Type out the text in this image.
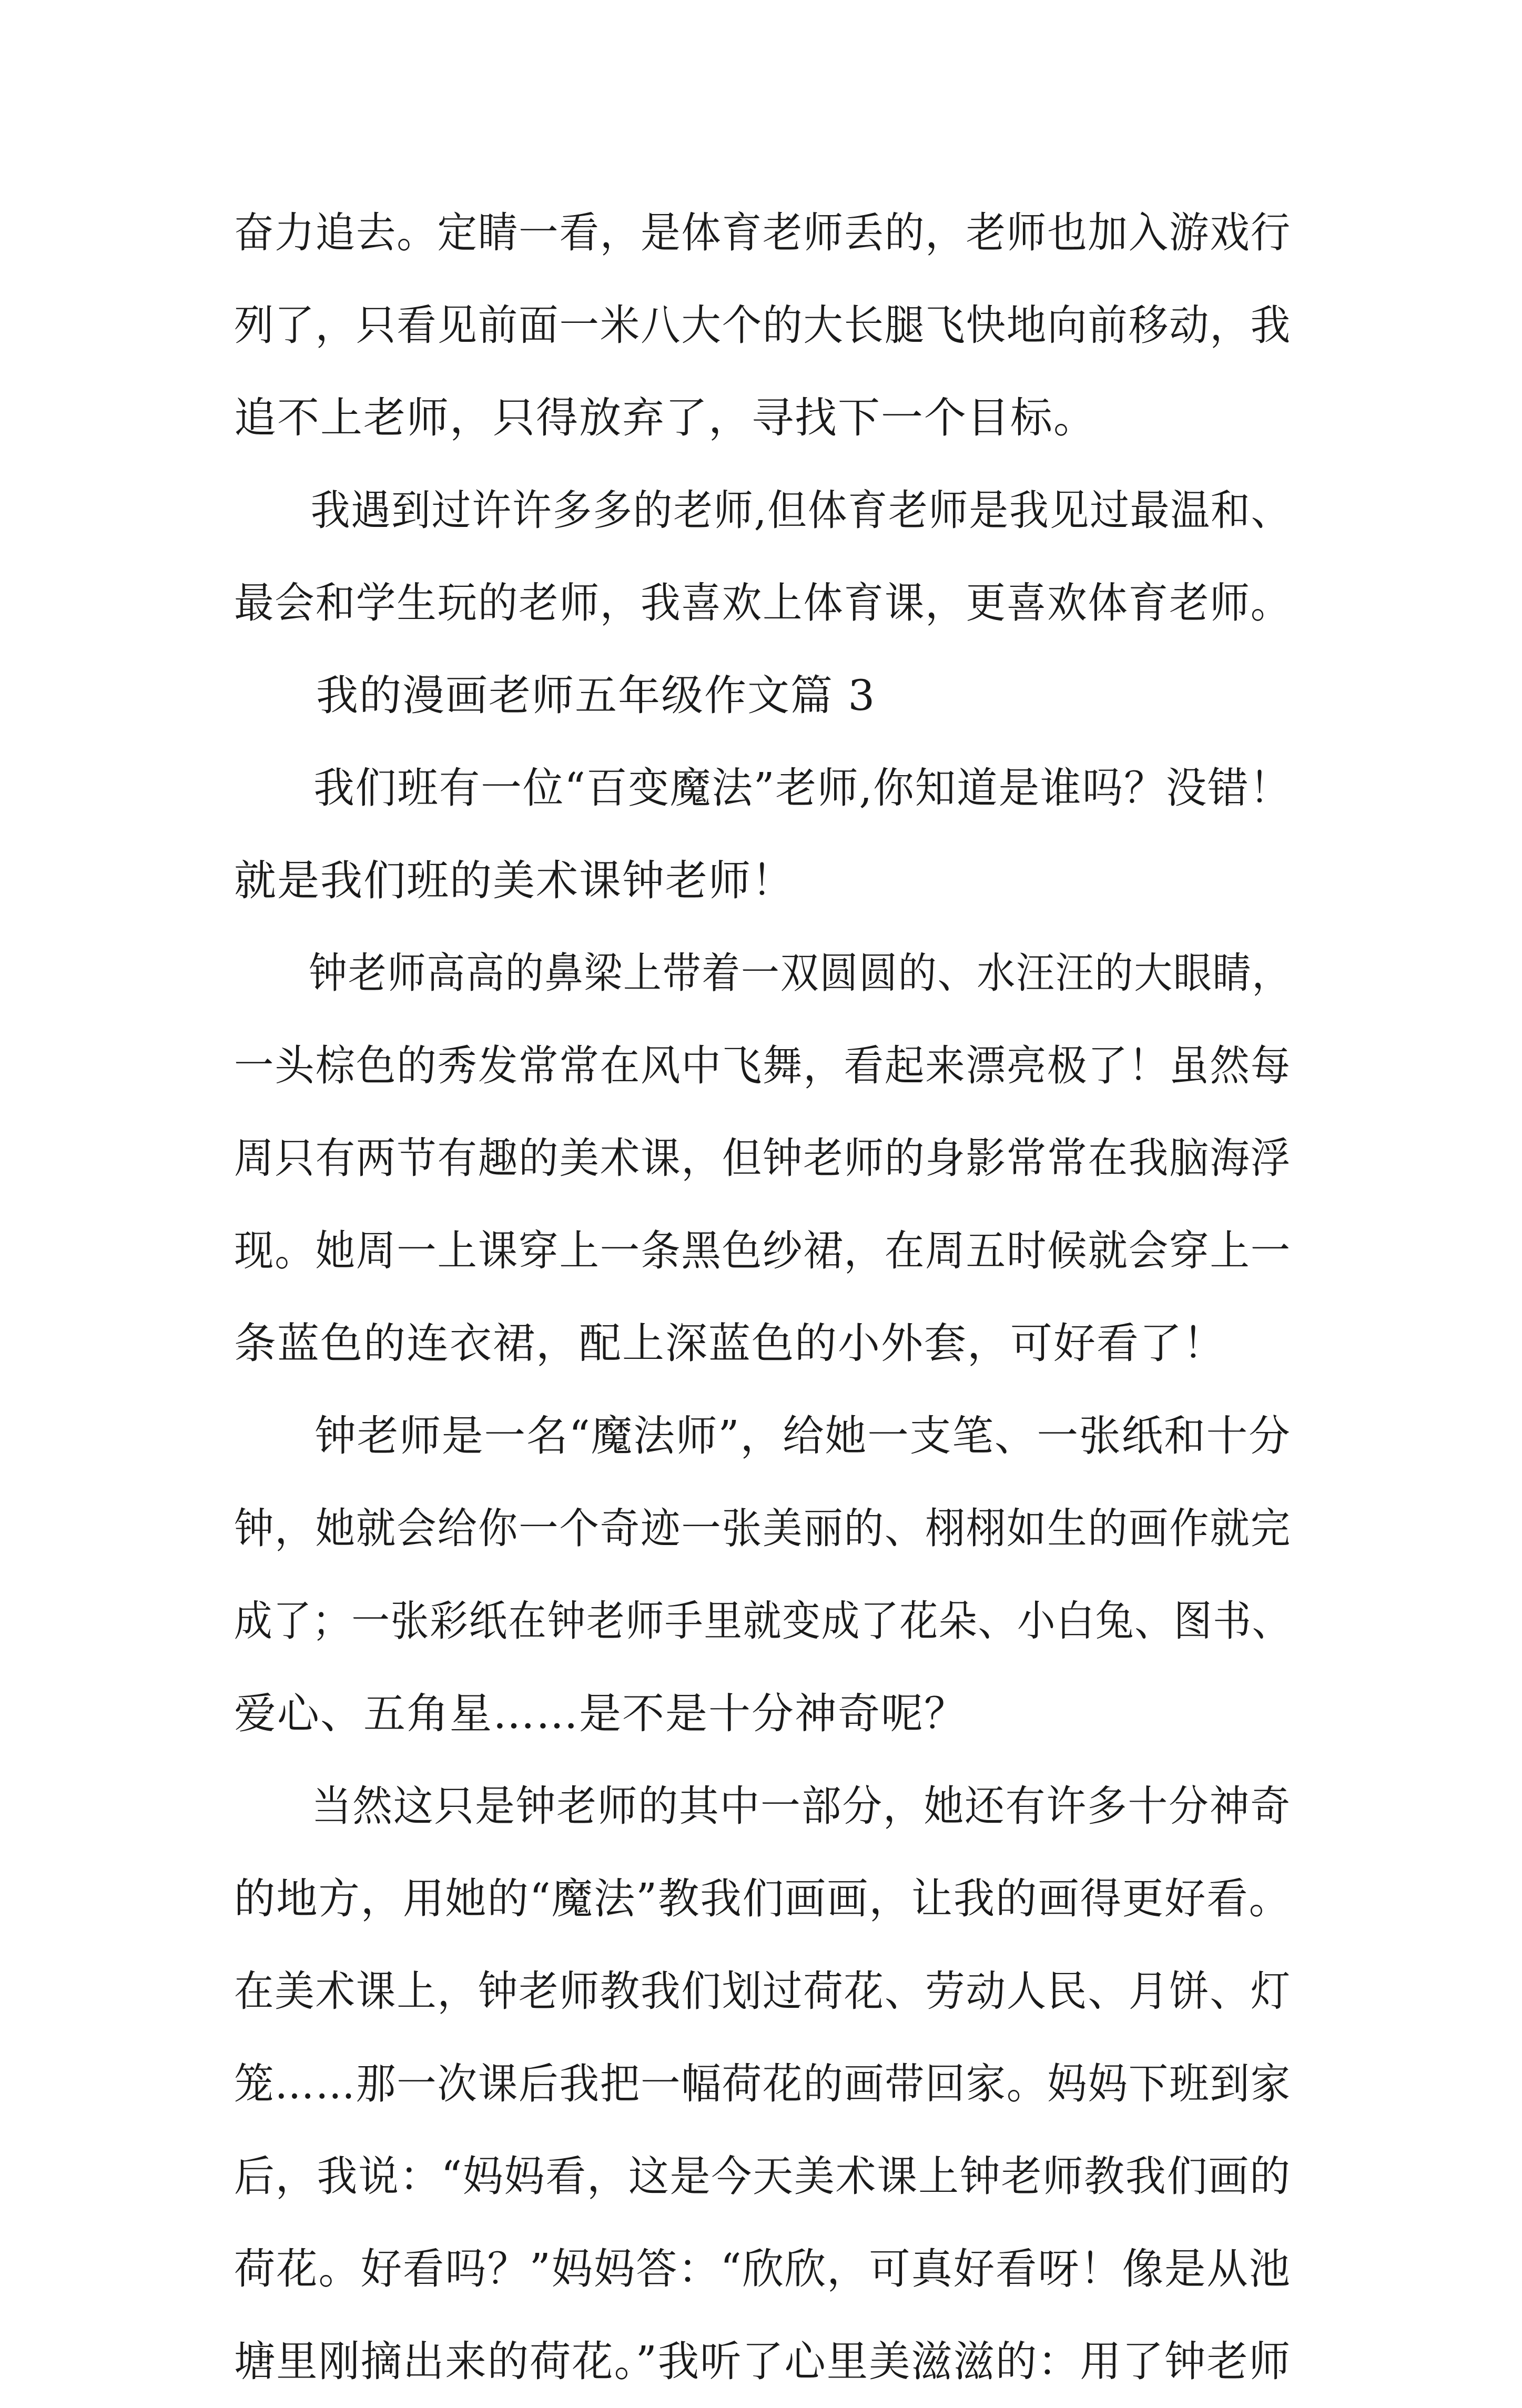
奋力追去。定睛一看，是体育老师丢的，老师也加入游戏行
列了，只看见前面一米八大个的大长腿飞快地向前移动，我
追不上老师，只得放弃了，寻找下一个目标。
我遇到过许许多多的老师,但体育老师是我见过最温和、
最会和学生玩的老师，我喜欢上体育课，更喜欢体育老师。
我的漫画老师五年级作文篇 3
我们班有一位“百变魔法”老师,你知道是谁吗？没错！
就是我们班的美术课钟老师！
钟老师高高的鼻梁上带着一双圆圆的、水汪汪的大眼睛，
一头棕色的秀发常常在风中飞舞，看起来漂亮极了！虽然每
周只有两节有趣的美术课，但钟老师的身影常常在我脑海浮
现。她周一上课穿上一条黑色纱裙，在周五时候就会穿上一
条蓝色的连衣裙，配上深蓝色的小外套，可好看了！
钟老师是一名“魔法师”，给她一支笔、一张纸和十分
钟，她就会给你一个奇迹一张美丽的、栩栩如生的画作就完
成了；一张彩纸在钟老师手里就变成了花朵、小白兔、图书、
爱心、五角星……是不是十分神奇呢？
当然这只是钟老师的其中一部分，她还有许多十分神奇
的地方，用她的“魔法”教我们画画，让我的画得更好看。
在美术课上，钟老师教我们划过荷花、劳动人民、月饼、灯
笼……那一次课后我把一幅荷花的画带回家。妈妈下班到家
后，我说：“妈妈看，这是今天美术课上钟老师教我们画的
荷花。好看吗？”妈妈答：“欣欣，可真好看呀！像是从池
塘里刚摘出来的荷花。”我听了心里美滋滋的：用了钟老师
